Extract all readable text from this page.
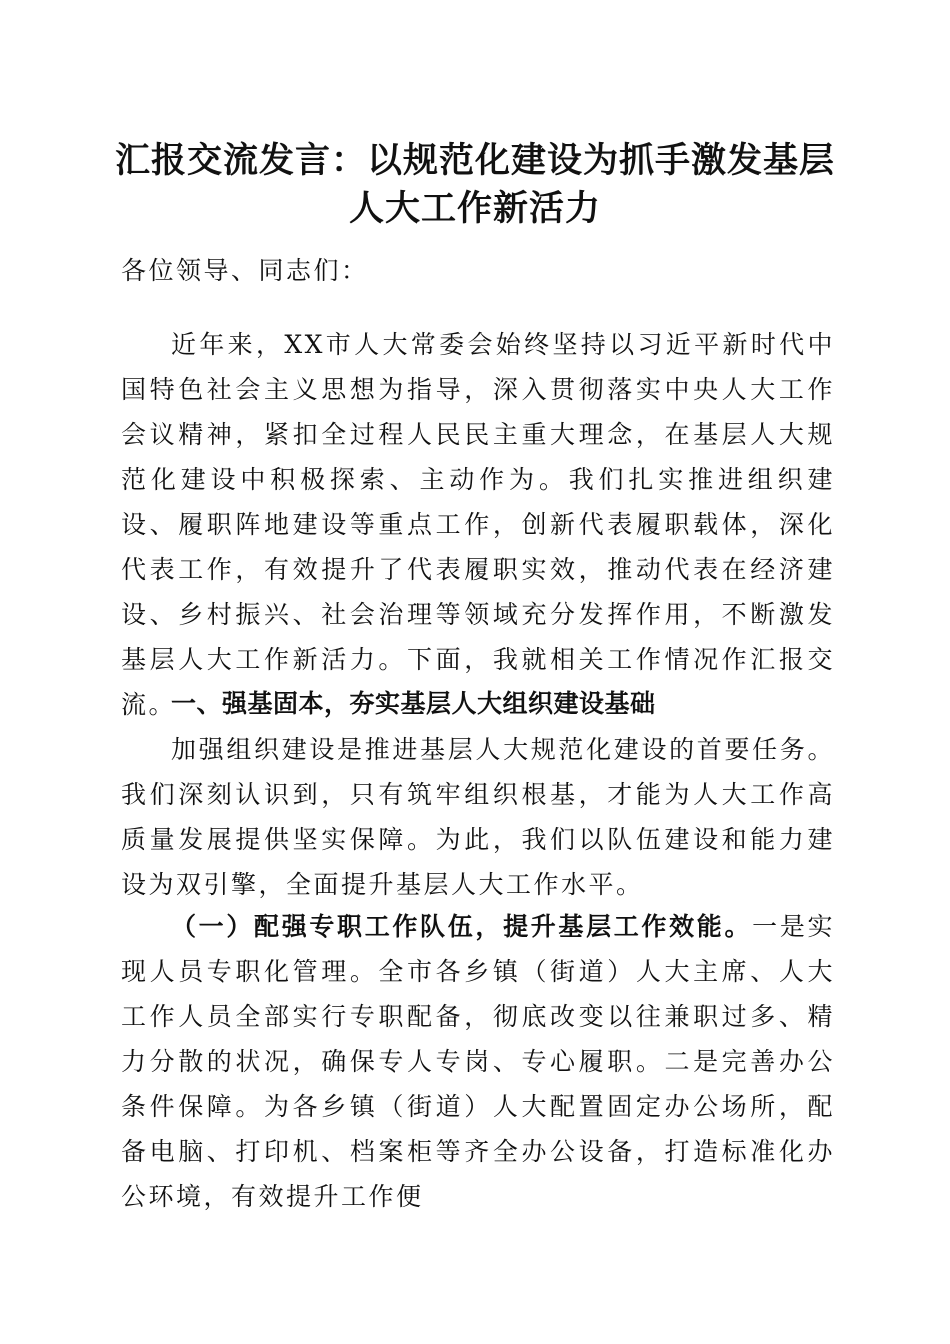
汇报交流发言：以规范化建设为抓手激发基层
人大工作新活力

各位领导、同志们：

近年来，XX市人大常委会始终坚持以习近平新时代中国特色社会主义思想为指导，深入贯彻落实中央人大工作会议精神，紧扣全过程人民民主重大理念，在基层人大规范化建设中积极探索、主动作为。我们扎实推进组织建设、履职阵地建设等重点工作，创新代表履职载体，深化代表工作，有效提升了代表履职实效，推动代表在经济建设、乡村振兴、社会治理等领域充分发挥作用，不断激发基层人大工作新活力。下面，我就相关工作情况作汇报交流。

一、强基固本，夯实基层人大组织建设基础

加强组织建设是推进基层人大规范化建设的首要任务。我们深刻认识到，只有筑牢组织根基，才能为人大工作高质量发展提供坚实保障。为此，我们以队伍建设和能力建设为双引擎，全面提升基层人大工作水平。

（一）配强专职工作队伍，提升基层工作效能。一是实现人员专职化管理。全市各乡镇（街道）人大主席、人大工作人员全部实行专职配备，彻底改变以往兼职过多、精力分散的状况，确保专人专岗、专心履职。二是完善办公条件保障。为各乡镇（街道）人大配置固定办公场所，配备电脑、打印机、档案柜等齐全办公设备，打造标准化办公环境，有效提升工作便
